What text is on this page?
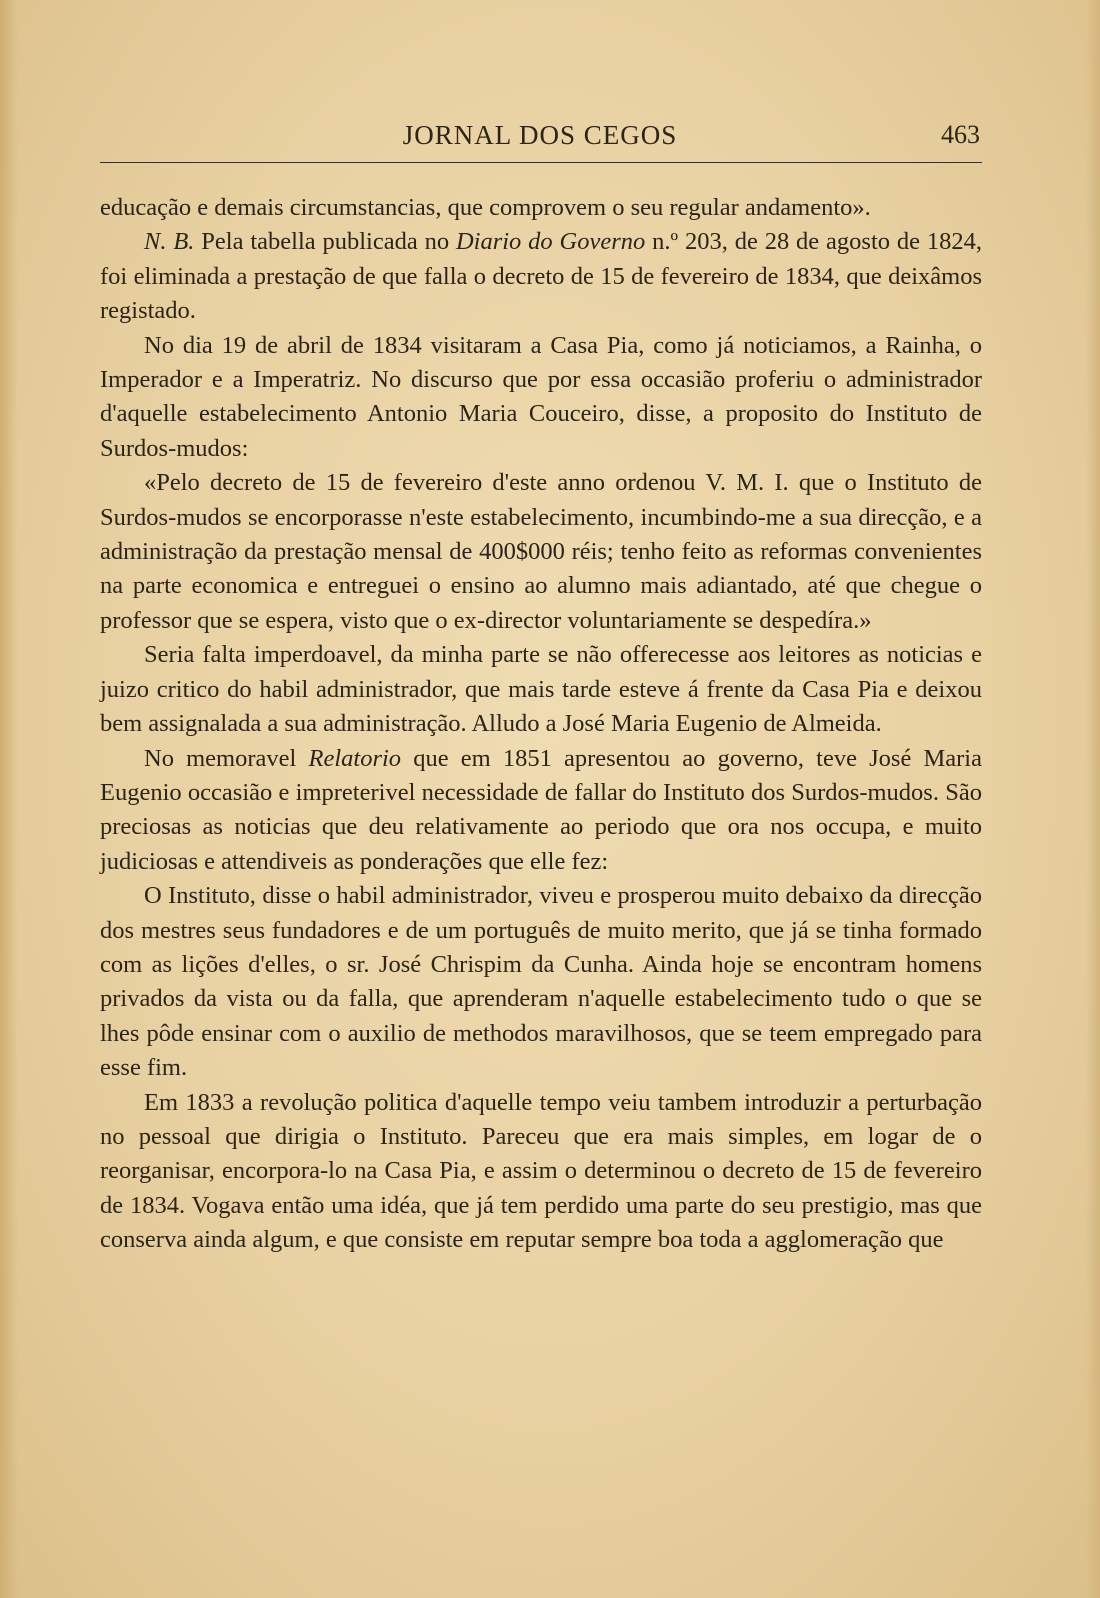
JORNAL DOS CEGOS	463

educação e demais circumstancias, que comprovem o seu regular andamento».

N. B. Pela tabella publicada no Diario do Governo n.º 203, de 28 de agosto de 1824, foi eliminada a prestação de que falla o decreto de 15 de fevereiro de 1834, que deixâmos registado.

No dia 19 de abril de 1834 visitaram a Casa Pia, como já noticiamos, a Rainha, o Imperador e a Imperatriz. No discurso que por essa occasião proferiu o administrador d'aquelle estabelecimento Antonio Maria Couceiro, disse, a proposito do Instituto de Surdos-mudos:

«Pelo decreto de 15 de fevereiro d'este anno ordenou V. M. I. que o Instituto de Surdos-mudos se encorporasse n'este estabelecimento, incumbindo-me a sua direcção, e a administração da prestação mensal de 400$000 réis; tenho feito as reformas convenientes na parte economica e entreguei o ensino ao alumno mais adiantado, até que chegue o professor que se espera, visto que o ex-director voluntariamente se despedíra.»

Seria falta imperdoavel, da minha parte se não offerecesse aos leitores as noticias e juizo critico do habil administrador, que mais tarde esteve á frente da Casa Pia e deixou bem assignalada a sua administração. Alludo a José Maria Eugenio de Almeida.

No memoravel Relatorio que em 1851 apresentou ao governo, teve José Maria Eugenio occasião e impreterivel necessidade de fallar do Instituto dos Surdos-mudos. São preciosas as noticias que deu relativamente ao periodo que ora nos occupa, e muito judiciosas e attendiveis as ponderações que elle fez:

O Instituto, disse o habil administrador, viveu e prosperou muito debaixo da direcção dos mestres seus fundadores e de um português de muito merito, que já se tinha formado com as lições d'elles, o sr. José Chrispim da Cunha. Ainda hoje se encontram homens privados da vista ou da falla, que aprenderam n'aquelle estabelecimento tudo o que se lhes pôde ensinar com o auxilio de methodos maravilhosos, que se teem empregado para esse fim.

Em 1833 a revolução politica d'aquelle tempo veiu tambem introduzir a perturbação no pessoal que dirigia o Instituto. Pareceu que era mais simples, em logar de o reorganisar, encorpora-lo na Casa Pia, e assim o determinou o decreto de 15 de fevereiro de 1834. Vogava então uma idéa, que já tem perdido uma parte do seu prestigio, mas que conserva ainda algum, e que consiste em reputar sempre boa toda a agglomeração que
